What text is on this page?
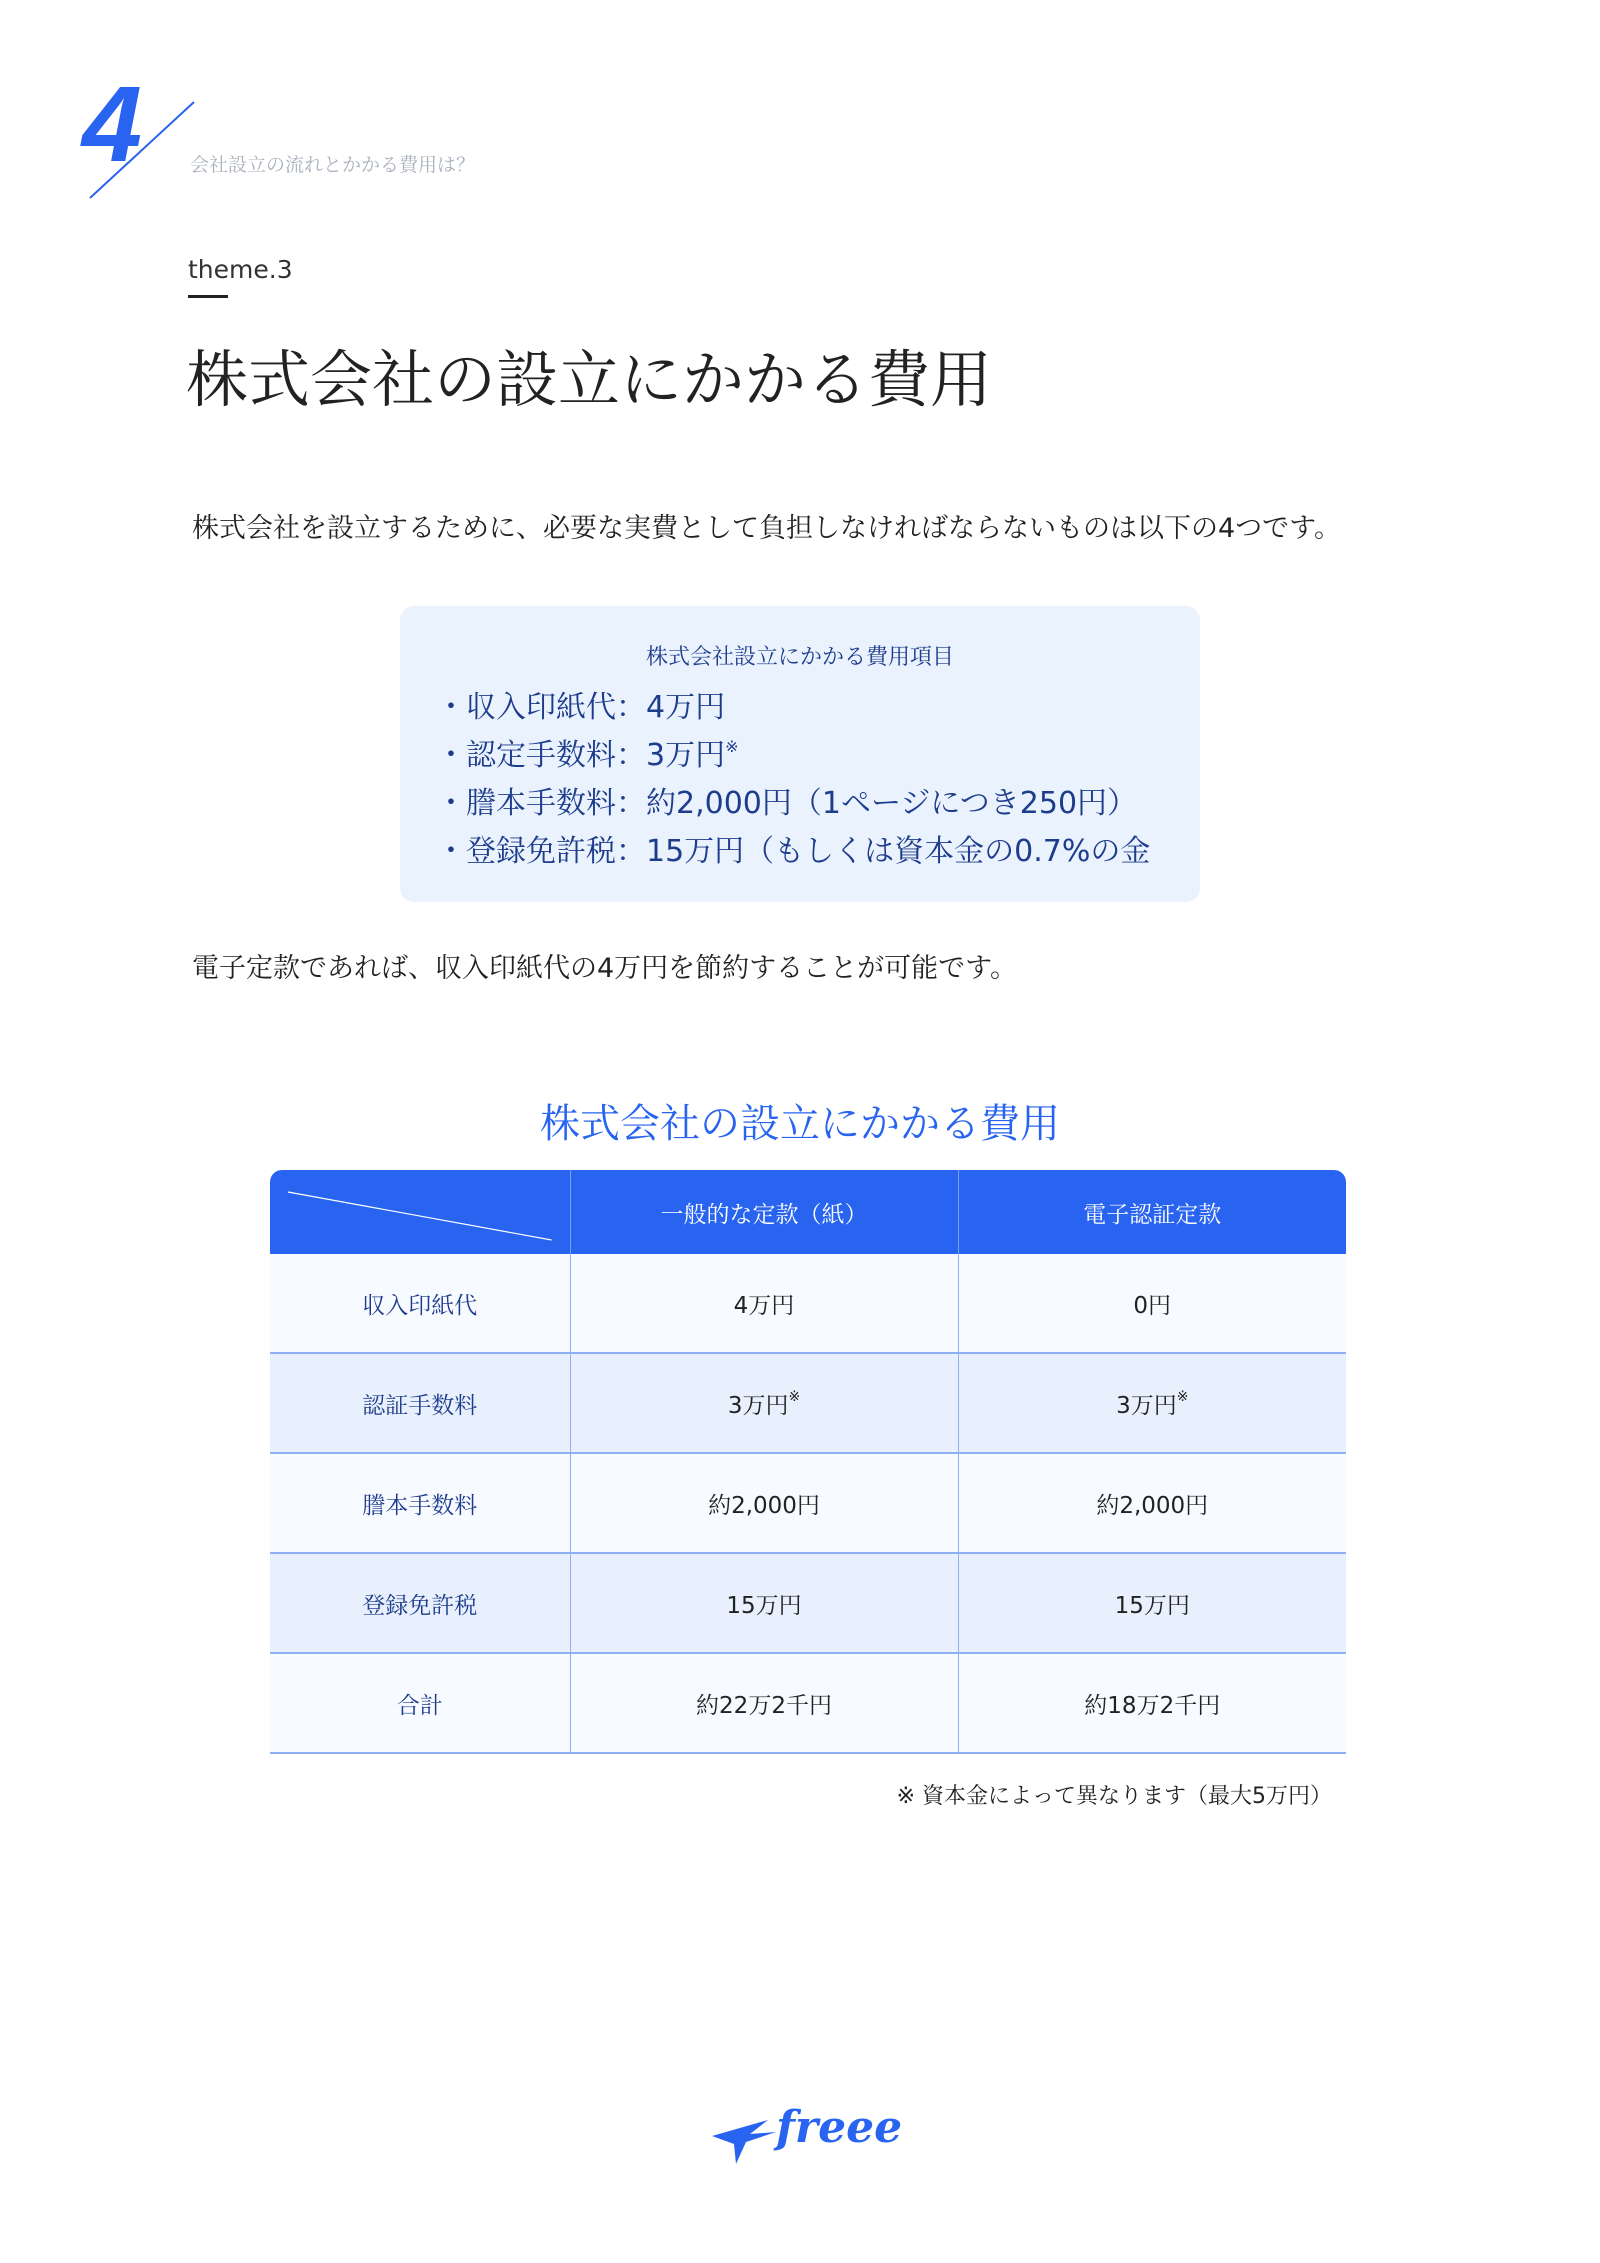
4	会社設立の流れとかかる費用は？
theme.3
株式会社の設立にかかる費用

株式会社を設立するために、必要な実費として負担しなければならないものは以下の4つです。

株式会社設立にかかる費用項目
・収入印紙代：4万円
・認定手数料：3万円※
・謄本手数料：約2,000円（1ページにつき250円）
・登録免許税：15万円（もしくは資本金の0.7%の金

電子定款であれば、収入印紙代の4万円を節約することが可能です。

株式会社の設立にかかる費用
	一般的な定款（紙）	電子認証定款
収入印紙代	4万円	0円
認証手数料	3万円※	3万円※
謄本手数料	約2,000円	約2,000円
登録免許税	15万円	15万円
合計	約22万2千円	約18万2千円
※ 資本金によって異なります（最大5万円）
freee
